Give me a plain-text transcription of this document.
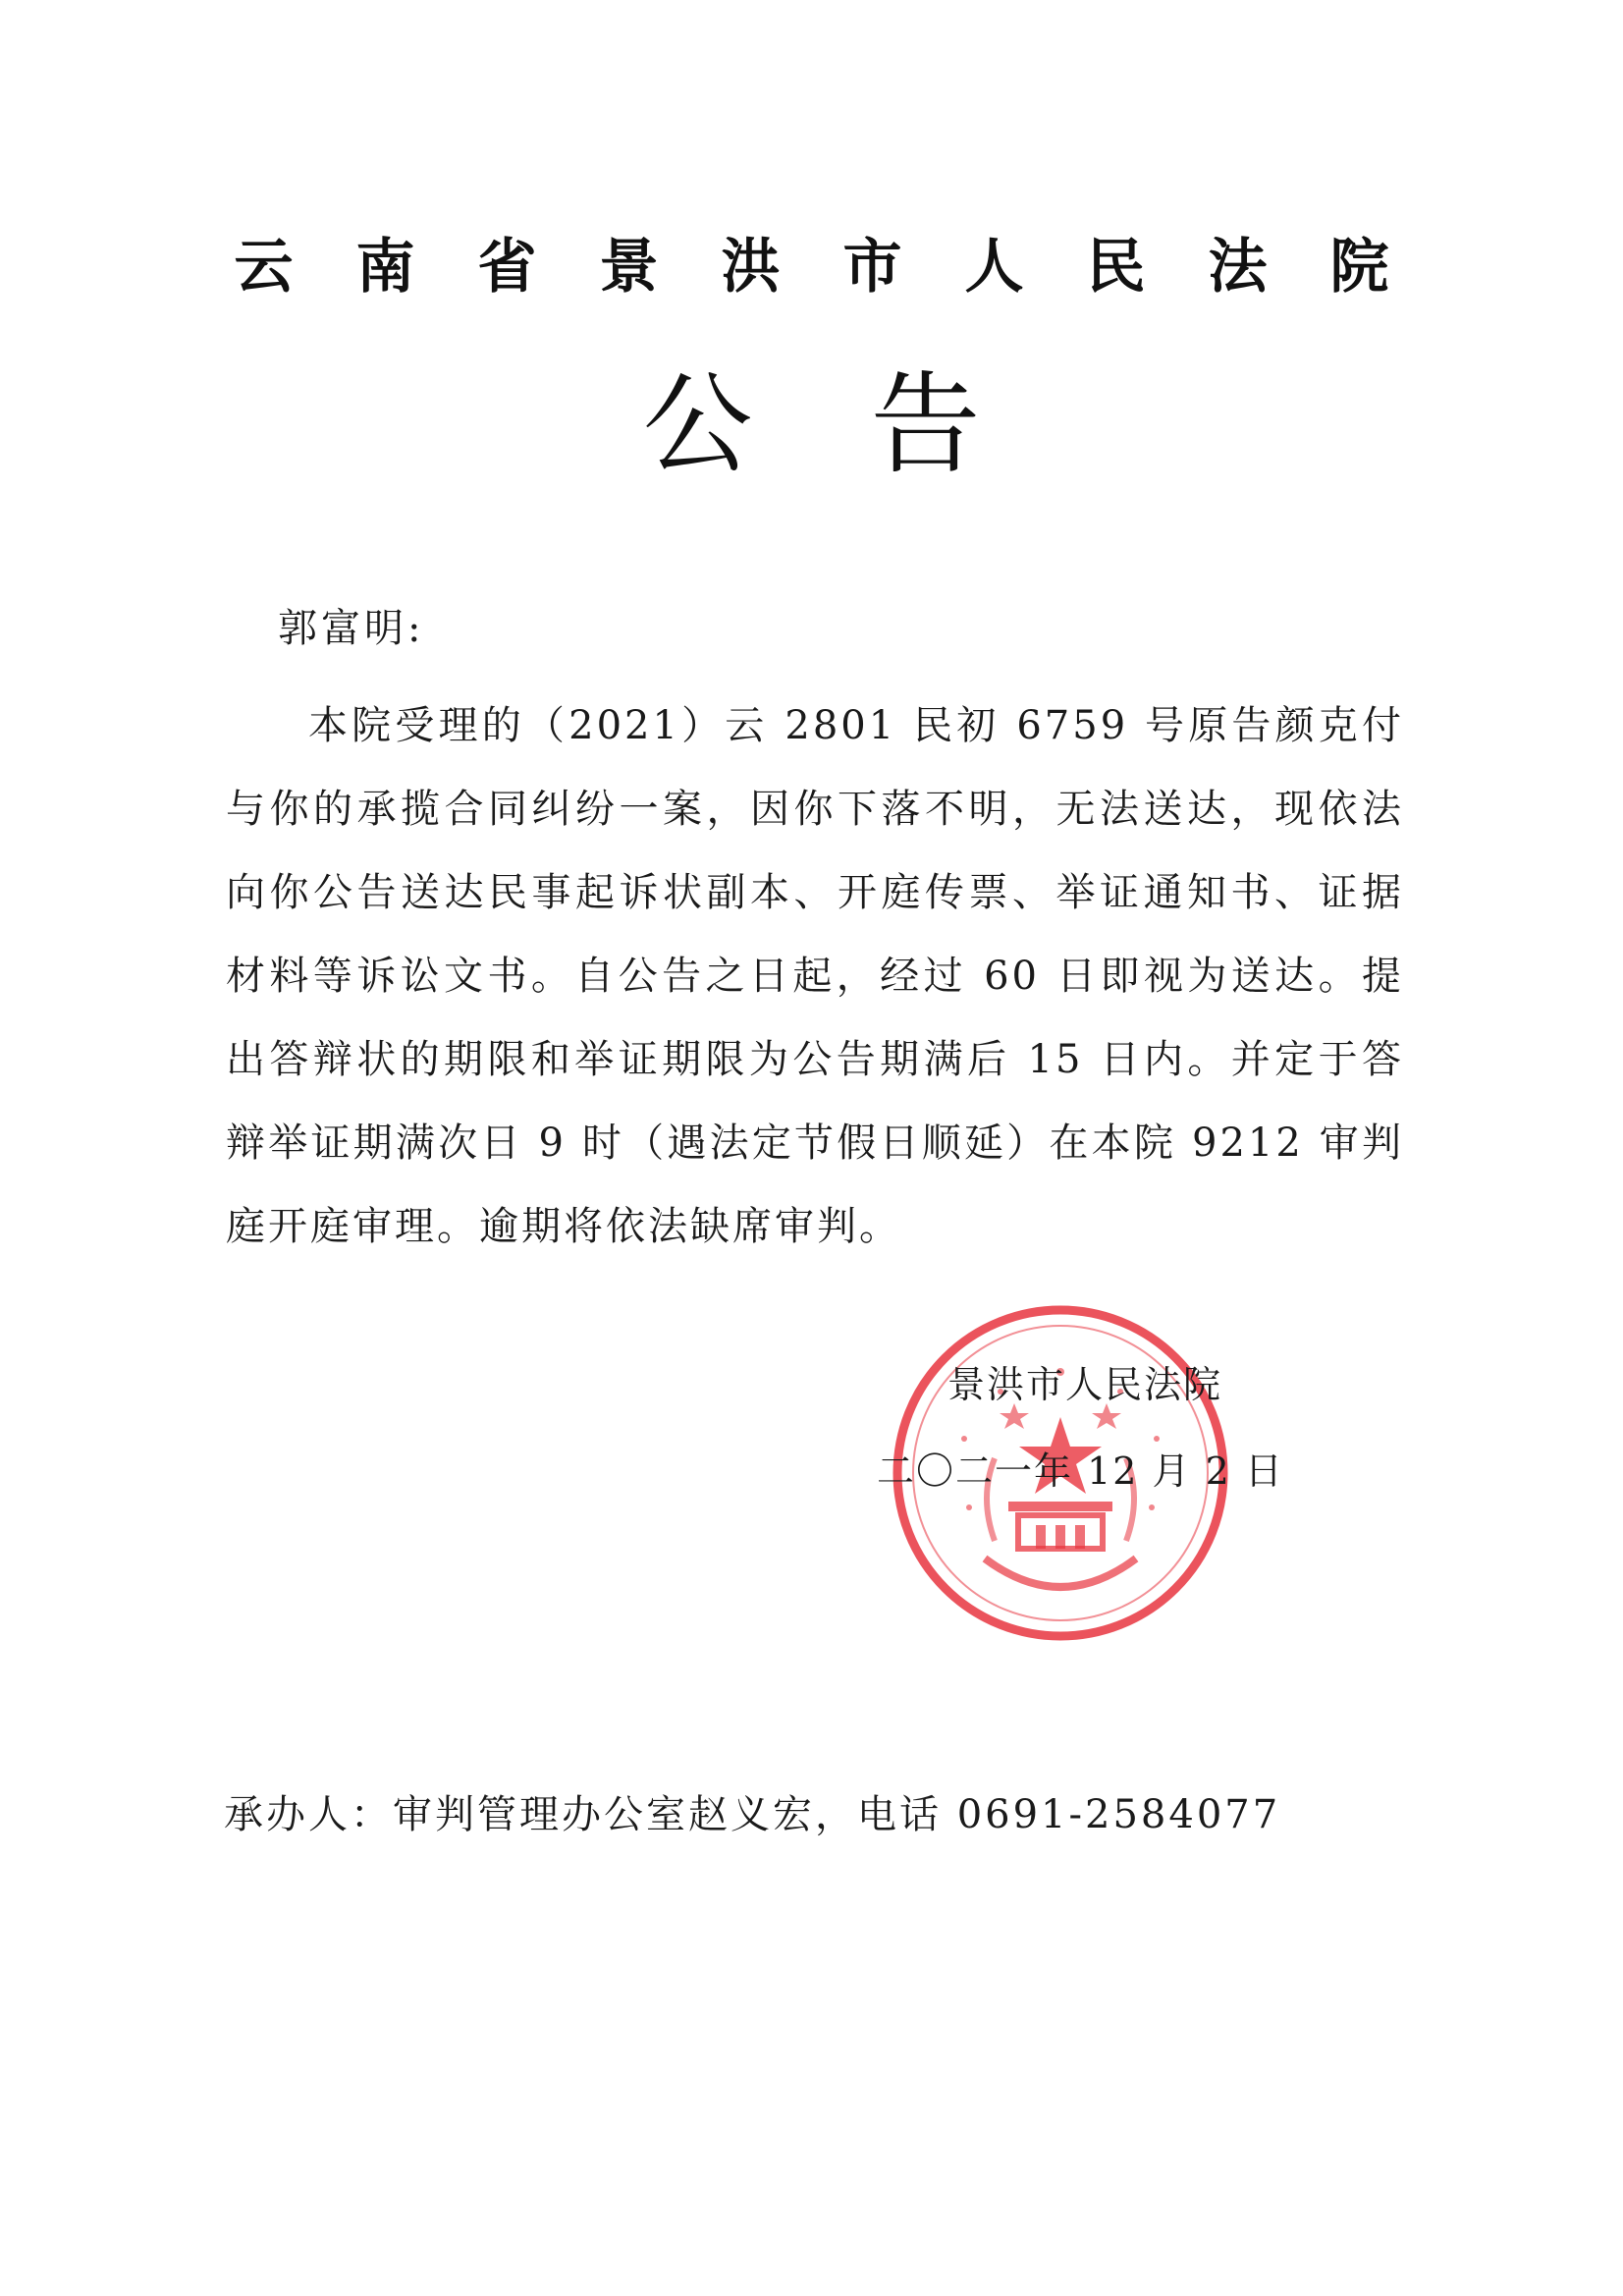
云南省景洪市人民法院
公告
郭富明:
本院受理的（2021）云 2801 民初 6759 号原告颜克付与你的承揽合同纠纷一案，因你下落不明，无法送达，现依法向你公告送达民事起诉状副本、开庭传票、举证通知书、证据材料等诉讼文书。自公告之日起，经过 60 日即视为送达。提出答辩状的期限和举证期限为公告期满后 15 日内。并定于答辩举证期满次日 9 时（遇法定节假日顺延）在本院 9212 审判庭开庭审理。逾期将依法缺席审判。
景洪市人民法院
二〇二一年 12 月 2 日
承办人：审判管理办公室赵义宏，电话 0691-2584077
